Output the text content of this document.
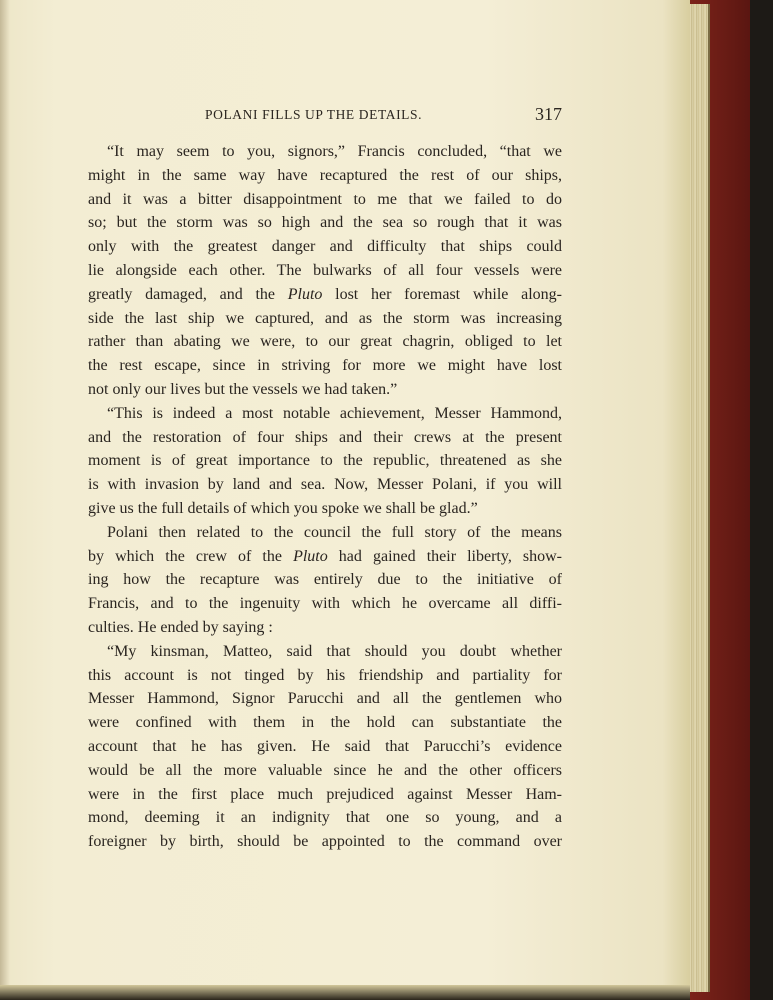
POLANI FILLS UP THE DETAILS.	317
“It may seem to you, signors,” Francis concluded, “that we
might in the same way have recaptured the rest of our ships,
and it was a bitter disappointment to me that we failed to do
so; but the storm was so high and the sea so rough that it was
only with the greatest danger and difficulty that ships could
lie alongside each other. The bulwarks of all four vessels were
greatly damaged, and the Pluto lost her foremast while along-
side the last ship we captured, and as the storm was increasing
rather than abating we were, to our great chagrin, obliged to let
the rest escape, since in striving for more we might have lost
not only our lives but the vessels we had taken.”
“This is indeed a most notable achievement, Messer Hammond,
and the restoration of four ships and their crews at the present
moment is of great importance to the republic, threatened as she
is with invasion by land and sea. Now, Messer Polani, if you will
give us the full details of which you spoke we shall be glad.”
Polani then related to the council the full story of the means
by which the crew of the Pluto had gained their liberty, show-
ing how the recapture was entirely due to the initiative of
Francis, and to the ingenuity with which he overcame all diffi-
culties. He ended by saying :
“My kinsman, Matteo, said that should you doubt whether
this account is not tinged by his friendship and partiality for
Messer Hammond, Signor Parucchi and all the gentlemen who
were confined with them in the hold can substantiate the
account that he has given. He said that Parucchi’s evidence
would be all the more valuable since he and the other officers
were in the first place much prejudiced against Messer Ham-
mond, deeming it an indignity that one so young, and a
foreigner by birth, should be appointed to the command over
